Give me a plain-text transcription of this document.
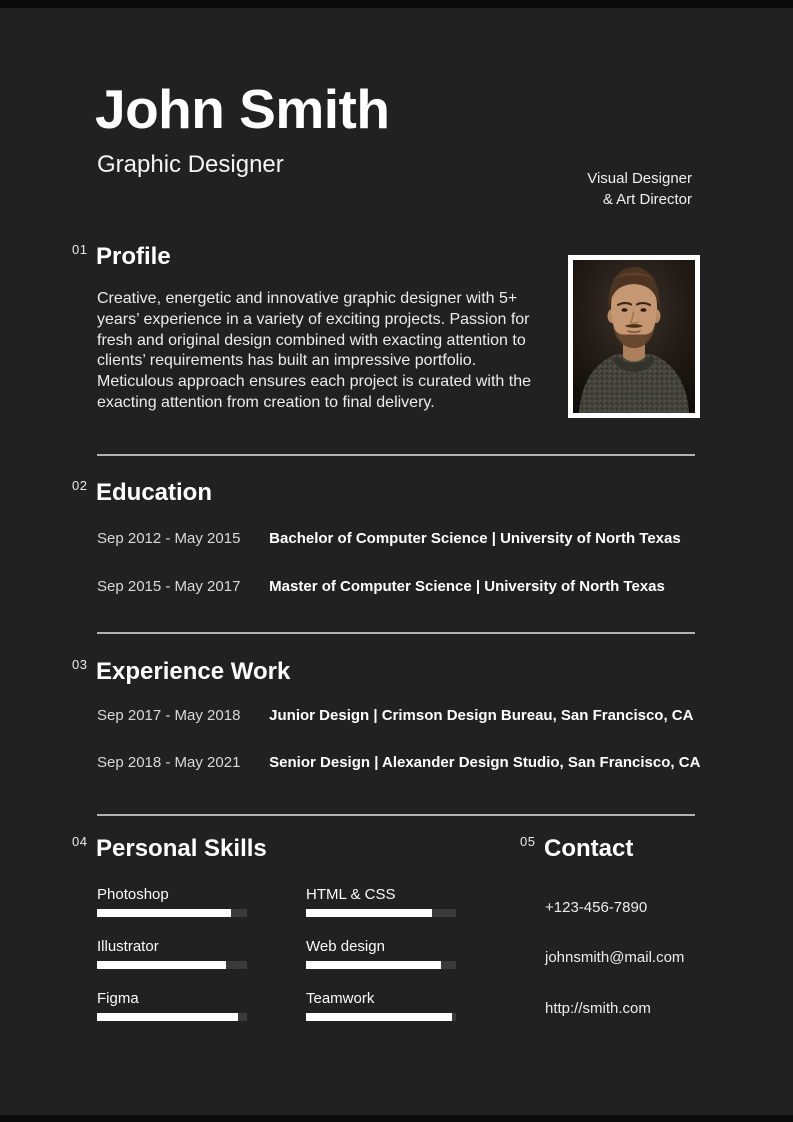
John Smith
Graphic Designer
Visual Designer
& Art Director
01 Profile
Creative, energetic and innovative graphic designer with 5+ years’ experience in a variety of exciting projects. Passion for fresh and original design combined with exacting attention to clients’ requirements has built an impressive portfolio. Meticulous approach ensures each project is curated with the exacting attention from creation to final delivery.
02 Education
Sep 2012 - May 2015 Bachelor of Computer Science | University of North Texas
Sep 2015 - May 2017 Master of Computer Science | University of North Texas
03 Experience Work
Sep 2017 - May 2018 Junior Design | Crimson Design Bureau, San Francisco, CA
Sep 2018 - May 2021 Senior Design | Alexander Design Studio, San Francisco, CA
04 Personal Skills
Photoshop
Illustrator
Figma
HTML & CSS
Web design
Teamwork
05 Contact
+123-456-7890
johnsmith@mail.com
http://smith.com
